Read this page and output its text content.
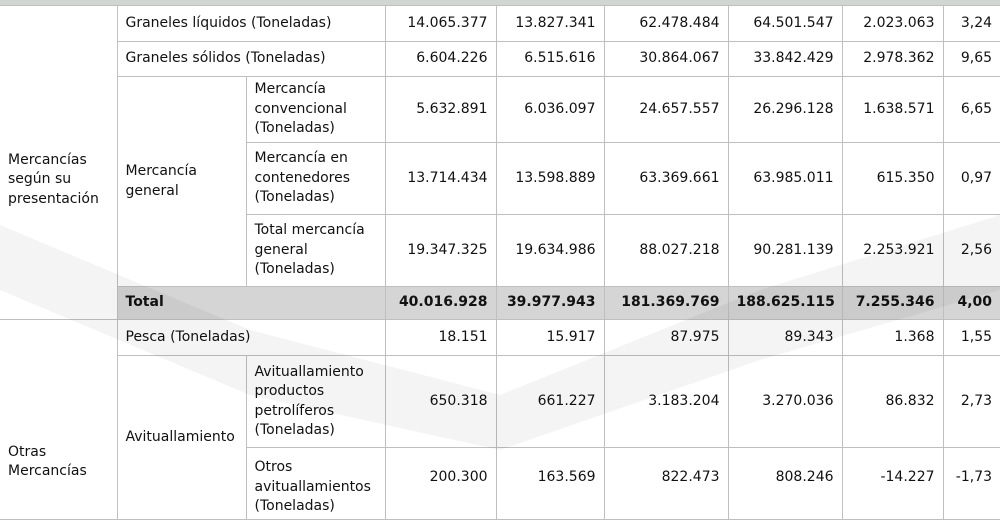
Mercancías según su presentación	Graneles líquidos (Toneladas)		14.065.377	13.827.341	62.478.484	64.501.547	2.023.063	3,24
	Graneles sólidos (Toneladas)		6.604.226	6.515.616	30.864.067	33.842.429	2.978.362	9,65
	Mercancía general	Mercancía convencional (Toneladas)	5.632.891	6.036.097	24.657.557	26.296.128	1.638.571	6,65
		Mercancía en contenedores (Toneladas)	13.714.434	13.598.889	63.369.661	63.985.011	615.350	0,97
		Total mercancía general (Toneladas)	19.347.325	19.634.986	88.027.218	90.281.139	2.253.921	2,56
	Total		40.016.928	39.977.943	181.369.769	188.625.115	7.255.346	4,00
Otras Mercancías	Pesca (Toneladas)		18.151	15.917	87.975	89.343	1.368	1,55
	Avituallamiento	Avituallamiento productos petrolíferos (Toneladas)	650.318	661.227	3.183.204	3.270.036	86.832	2,73
		Otros avituallamientos (Toneladas)	200.300	163.569	822.473	808.246	-14.227	-1,73
